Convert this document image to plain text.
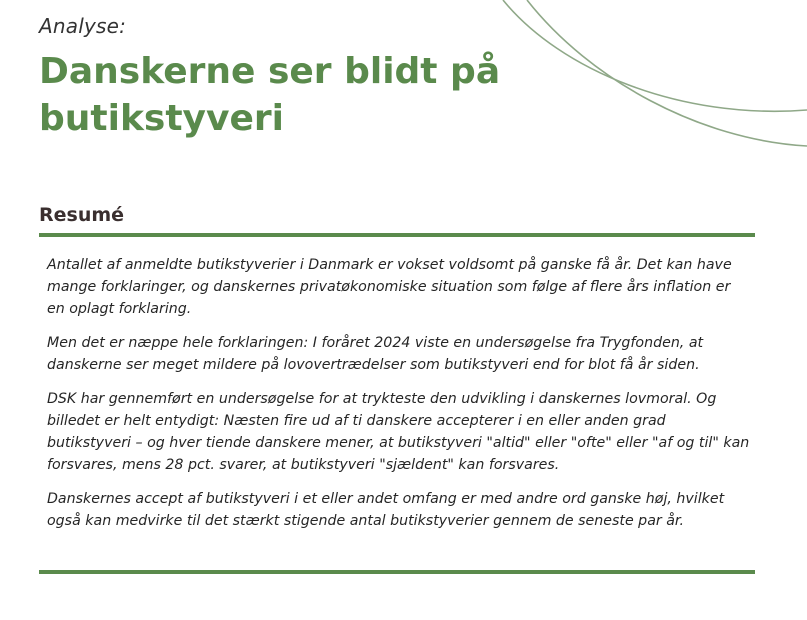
Analyse:
Danskerne ser blidt på butikstyveri
Resumé

Antallet af anmeldte butikstyverier i Danmark er vokset voldsomt på ganske få år. Det kan have mange forklaringer, og danskernes privatøkonomiske situation som følge af flere års inflation er en oplagt forklaring.

Men det er næppe hele forklaringen: I foråret 2024 viste en undersøgelse fra Trygfonden, at danskerne ser meget mildere på lovovertrædelser som butikstyveri end for blot få år siden.

DSK har gennemført en undersøgelse for at trykteste den udvikling i danskernes lovmoral. Og billedet er helt entydigt: Næsten fire ud af ti danskere accepterer i en eller anden grad butikstyveri – og hver tiende danskere mener, at butikstyveri "altid" eller "ofte" eller "af og til" kan forsvares, mens 28 pct. svarer, at butikstyveri "sjældent" kan forsvares.

Danskernes accept af butikstyveri i et eller andet omfang er med andre ord ganske høj, hvilket også kan medvirke til det stærkt stigende antal butikstyverier gennem de seneste par år.
